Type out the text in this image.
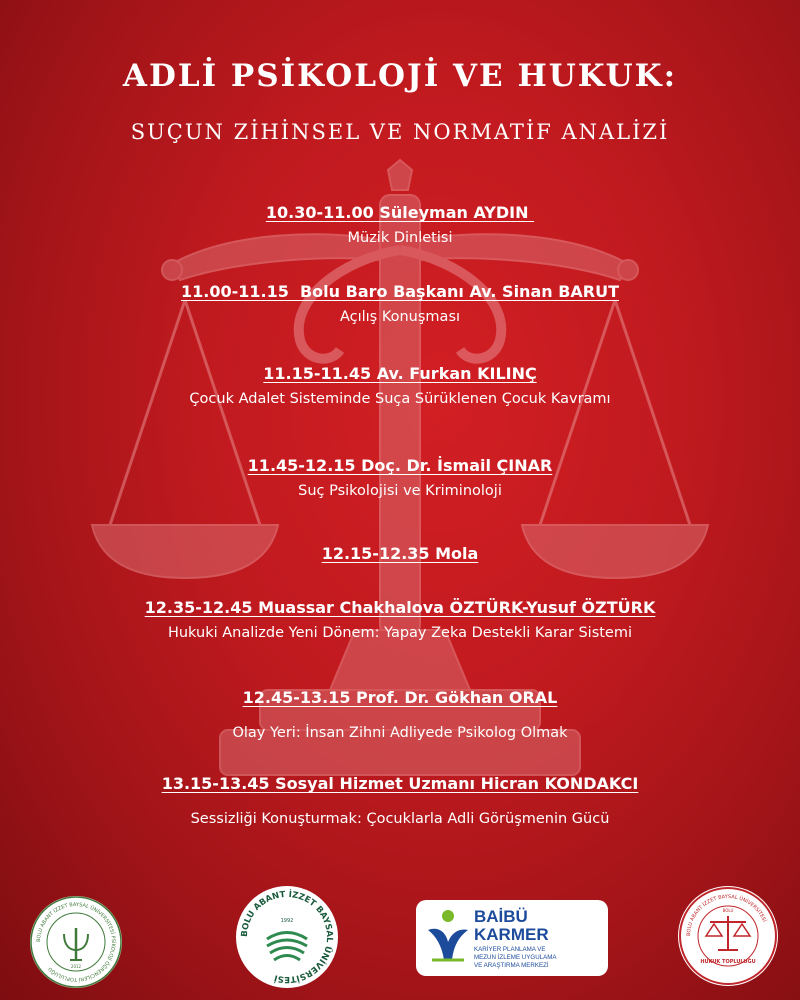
ADLİ PSİKOLOJİ VE HUKUK:
SUÇUN ZİHİNSEL VE NORMATİF ANALİZİ
10.30-11.00 Süleyman AYDIN
Müzik Dinletisi
11.00-11.15  Bolu Baro Başkanı Av. Sinan BARUT
Açılış Konuşması
11.15-11.45 Av. Furkan KILINÇ
Çocuk Adalet Sisteminde Suça Sürüklenen Çocuk Kavramı
11.45-12.15 Doç. Dr. İsmail ÇINAR
Suç Psikolojisi ve Kriminoloji
12.15-12.35 Mola
12.35-12.45 Muassar Chakhalova ÖZTÜRK-Yusuf ÖZTÜRK
Hukuki Analizde Yeni Dönem: Yapay Zeka Destekli Karar Sistemi
12.45-13.15 Prof. Dr. Gökhan ORAL
Olay Yeri: İnsan Zihni Adliyede Psikolog Olmak
13.15-13.45 Sosyal Hizmet Uzmanı Hicran KONDAKCI
Sessizliği Konuşturmak: Çocuklarla Adli Görüşmenin Gücü
BOLU ABANT İZZET BAYSAL ÜNİVERSİTESİ PSİKOLOJİ ÖĞRENCİLERİ TOPLULUĞU	2012
BOLU ABANT İZZET BAYSAL ÜNİVERSİTESİ
1992	BAİBÜ
KARMER
KARİYER PLANLAMA VE
MEZUN İZLEME UYGULAMA
VE ARAŞTIRMA MERKEZİ
BOLU ABANT İZZET BAYSAL ÜNİVERSİTESİ
HUKUK TOPLULUĞU
BOLU
